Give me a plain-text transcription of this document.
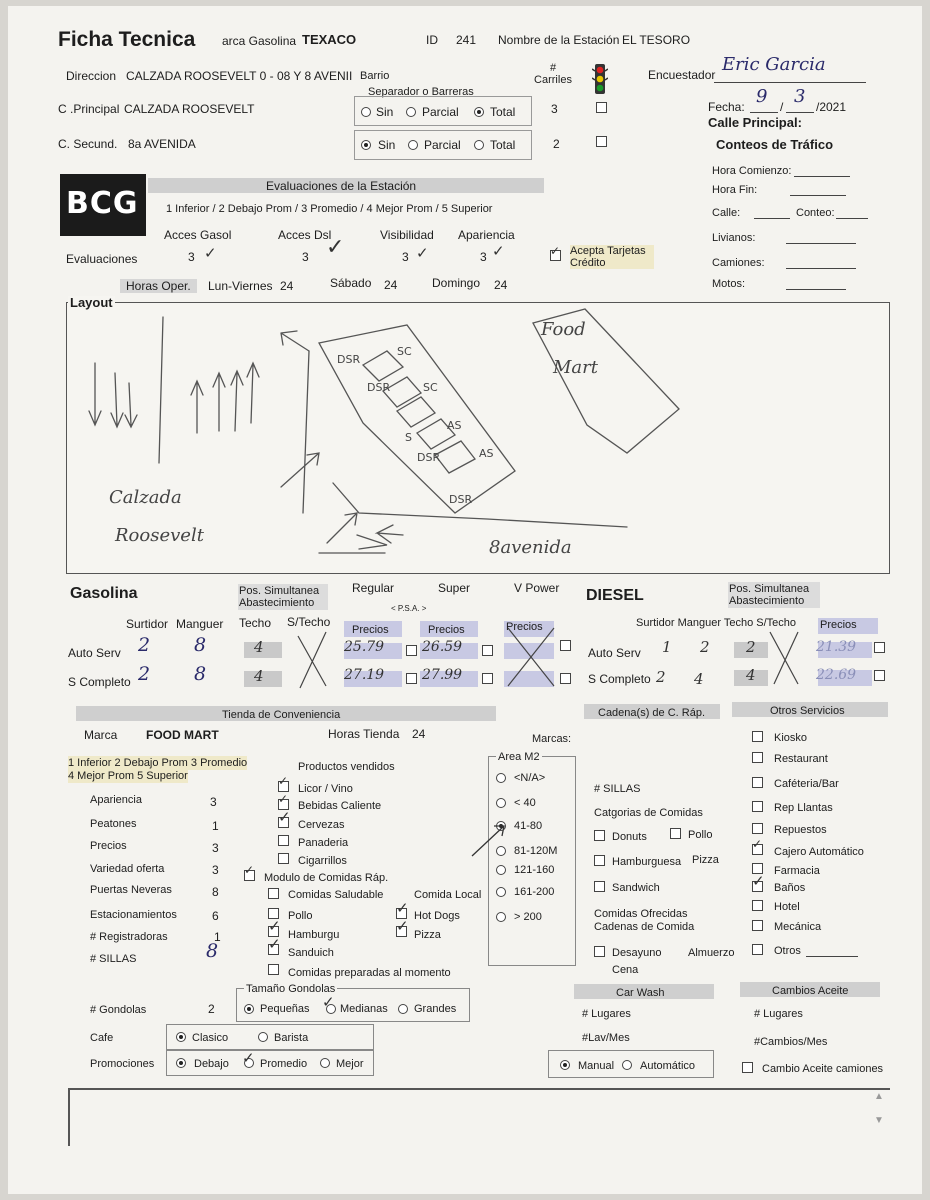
Ficha Tecnica arca Gasolina TEXACO	ID 241 Nombre de la Estación EL TESORO
Direccion CALZADA ROOSEVELT 0 - 08 Y 8 AVENII Barrio
# Carriles
Separador o Barreras
C .Principal CALZADA ROOSEVELT	Sin Parcial	Total	3
C. Secund. 8a AVENIDA	Sin Parcial Total	2
Encuestador Eric Garcia
Fecha: 9 / 3 /2021
Calle Principal:
Conteos de Tráfico
Hora Comienzo:
Hora Fin:
Calle:	Conteo:
Livianos:
Camiones:
Motos:
BCG	Evaluaciones de la Estación
1 Inferior / 2 Debajo Prom / 3 Promedio / 4 Mejor Prom / 5 Superior
Acces Gasol	Acces Dsl	Visibilidad Apariencia
Evaluaciones	3 ✓	3 ✓	3 ✓	3 ✓	✓ Acepta Tarjetas Crédito
Horas Oper.	Lun-Viernes 24	Sábado 24	Domingo 24
Food
Mart
Calzada
Roosevelt
8avenida
DSR
SC
DSR	SC
AS
S
AS
DSR
DSR
Layout
Gasolina	Pos. Simultanea Abastecimiento
Regular	Super	V Power
< P.S.A. >
Surtidor Manguer Techo S/Techo
Precios	Precios	Precios
Auto Serv 2 8	4	25.79	26.59
S Completo 2 8	4	27.19	27.99
DIESEL	Pos. Simultanea Abastecimiento
Surtidor Manguer Techo S/Techo Precios
Auto Serv 1 2 2	21.39
S Completo 2 4	4	22.69
Tienda de Conveniencia
Marca FOOD MART	Horas Tienda 24
1 Inferior 2 Debajo Prom 3 Promedio
4 Mejor Prom 5 Superior
Apariencia	3
Peatones	1
Precios	3
Variedad oferta	3
Puertas Neveras	8
Estacionamientos	6
# Registradoras	1
# SILLAS	8
Productos vendidos
✓
Licor / Vino
✓ Bebidas Caliente
✓ Cervezas
Panaderia
Cigarrillos
✓
Modulo de Comidas Ráp.
Comidas Saludable	Comida Local
Pollo	✓ Hot Dogs
✓ Hamburgu	✓ Pizza
✓ Sanduich
Comidas preparadas al momento
# Gondolas	2
Tamaño Gondolas
Pequeñas ✓ Medianas Grandes
Cafe	Clasico	Barista
Promociones	Debajo ✓ Promedio	Mejor
Marcas:
Area M2
<N/A>
< 40
41-80
81-120M
121-160
161-200
> 200
Cadena(s) de C. Ráp.
# SILLAS
Catgorias de Comidas
Donuts	Pollo
Hamburguesa Pizza
Sandwich
Comidas Ofrecidas
Cadenas de Comida
Desayuno Almuerzo
Cena
Otros Servicios
Kiosko
Restaurant
Caféteria/Bar
Rep Llantas
Repuestos
✓
Cajero Automático
Farmacia
✓ Baños
Hotel
Mecánica
Otros
Car Wash
# Lugares
#Lav/Mes
Manual Automático
Cambios Aceite
# Lugares
#Cambios/Mes
Cambio Aceite camiones
▲
▼
